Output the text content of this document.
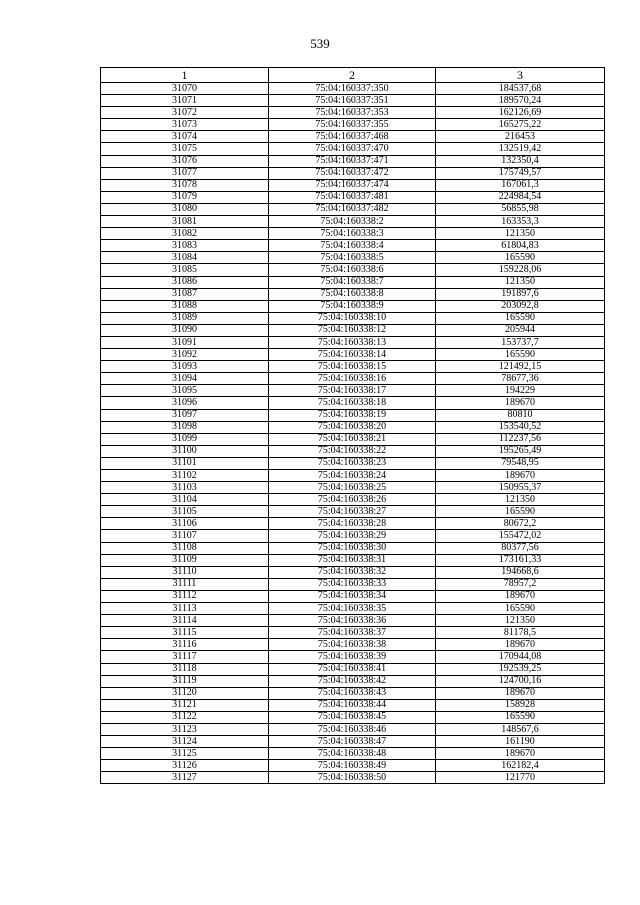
539
1	2	3
31070	75:04:160337:350	184537,68
31071	75:04:160337:351	189570,24
31072	75:04:160337:353	162126,69
31073	75:04:160337:355	165275,22
31074	75:04:160337:468	216453
31075	75:04:160337:470	132519,42
31076	75:04:160337:471	132350,4
31077	75:04:160337:472	175749,57
31078	75:04:160337:474	167061,3
31079	75:04:160337:481	224984,54
31080	75:04:160337:482	56855,98
31081	75:04:160338:2	163353,3
31082	75:04:160338:3	121350
31083	75:04:160338:4	61804,83
31084	75:04:160338:5	165590
31085	75:04:160338:6	159228,06
31086	75:04:160338:7	121350
31087	75:04:160338:8	191897,6
31088	75:04:160338:9	203092,8
31089	75:04:160338:10	165590
31090	75:04:160338:12	205944
31091	75:04:160338:13	153737,7
31092	75:04:160338:14	165590
31093	75:04:160338:15	121492,15
31094	75:04:160338:16	78677,36
31095	75:04:160338:17	194229
31096	75:04:160338:18	189670
31097	75:04:160338:19	80810
31098	75:04:160338:20	153540,52
31099	75:04:160338:21	112237,56
31100	75:04:160338:22	195265,49
31101	75:04:160338:23	79548,95
31102	75:04:160338:24	189670
31103	75:04:160338:25	150955,37
31104	75:04:160338:26	121350
31105	75:04:160338:27	165590
31106	75:04:160338:28	80672,2
31107	75:04:160338:29	155472,02
31108	75:04:160338:30	80377,56
31109	75:04:160338:31	173161,33
31110	75:04:160338:32	194668,6
31111	75:04:160338:33	78957,2
31112	75:04:160338:34	189670
31113	75:04:160338:35	165590
31114	75:04:160338:36	121350
31115	75:04:160338:37	81178,5
31116	75:04:160338:38	189670
31117	75:04:160338:39	170944,08
31118	75:04:160338:41	192539,25
31119	75:04:160338:42	124700,16
31120	75:04:160338:43	189670
31121	75:04:160338:44	158928
31122	75:04:160338:45	165590
31123	75:04:160338:46	148567,6
31124	75:04:160338:47	161190
31125	75:04:160338:48	189670
31126	75:04:160338:49	162182,4
31127	75:04:160338:50	121770
